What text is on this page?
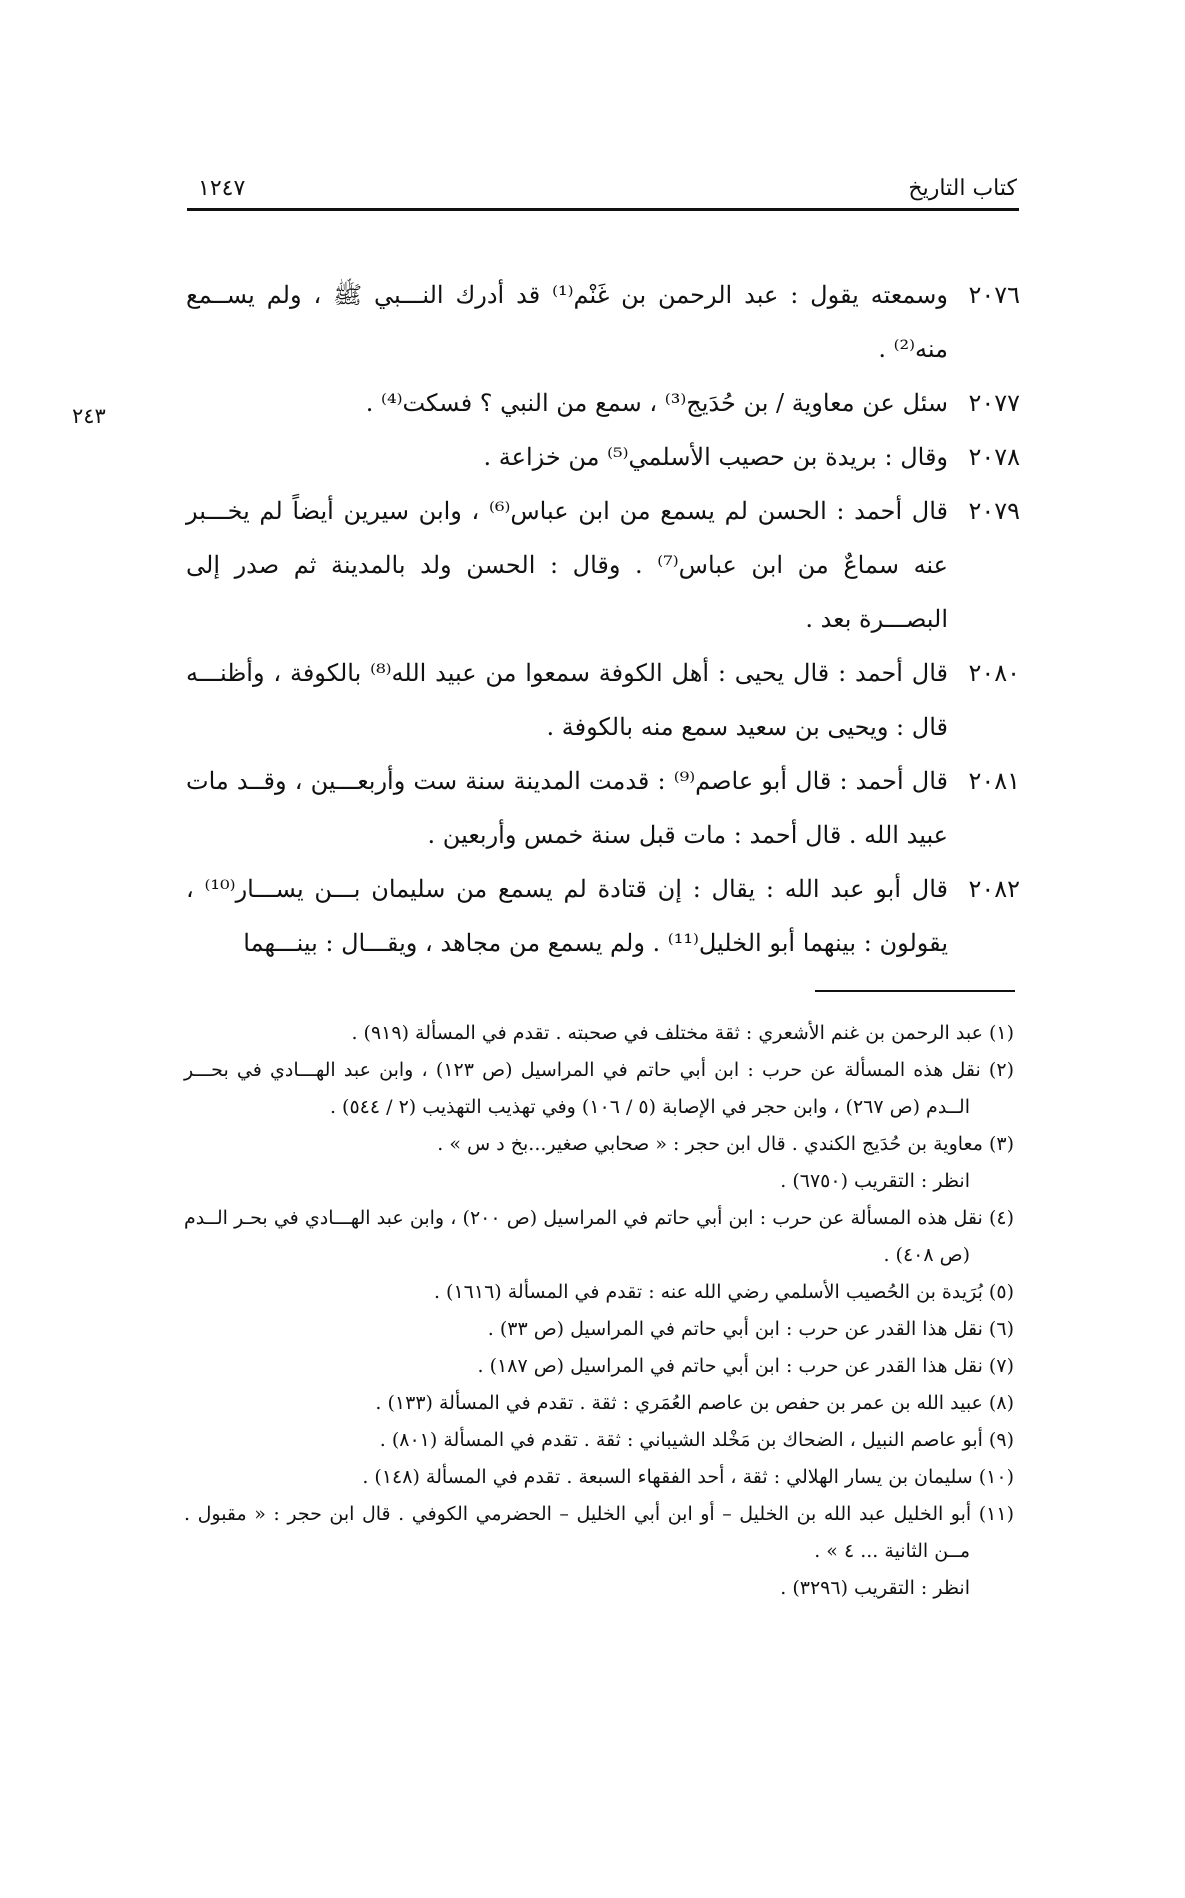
كتاب التاريخ
١٢٤٧
٢٤٣
٢٠٧٦
وسمعته يقول : عبد الرحمن بن غَنْم⁽¹⁾ قد أدرك النـــبي ﷺ ، ولم يســمع منه⁽²⁾ .
٢٠٧٧
سئل عن معاوية / بن حُدَيج⁽³⁾ ، سمع من النبي ؟ فسكت⁽⁴⁾ .
٢٠٧٨
وقال : بريدة بن حصيب الأسلمي⁽⁵⁾ من خزاعة .
٢٠٧٩
قال أحمد : الحسن لم يسمع من ابن عباس⁽⁶⁾ ، وابن سيرين أيضاً لم يخـــبر عنه سماعٌ من ابن عباس⁽⁷⁾ . وقال : الحسن ولد بالمدينة ثم صدر إلى البصـــرة بعد .
٢٠٨٠
قال أحمد : قال يحيى : أهل الكوفة سمعوا من عبيد الله⁽⁸⁾ بالكوفة ، وأظنـــه قال : ويحيى بن سعيد سمع منه بالكوفة .
٢٠٨١
قال أحمد : قال أبو عاصم⁽⁹⁾ : قدمت المدينة سنة ست وأربعـــين ، وقــد مات عبيد الله . قال أحمد : مات قبل سنة خمس وأربعين .
٢٠٨٢
قال أبو عبد الله : يقال : إن قتادة لم يسمع من سليمان بـــن يســـار⁽¹⁰⁾ ، يقولون : بينهما أبو الخليل⁽¹¹⁾ . ولم يسمع من مجاهد ، ويقـــال : بينـــهما
(١) عبد الرحمن بن غنم الأشعري : ثقة مختلف في صحبته . تقدم في المسألة (٩١٩) .
(٢) نقل هذه المسألة عن حرب : ابن أبي حاتم في المراسيل (ص ١٢٣) ، وابن عبد الهـــادي في بحـــر الــدم (ص ٢٦٧) ، وابن حجر في الإصابة (٥ / ١٠٦) وفي تهذيب التهذيب (٢ / ٥٤٤) .
(٣) معاوية بن حُدَيج الكندي . قال ابن حجر : « صحابي صغير...بخ د س » .
انظر : التقريب (٦٧٥٠) .
(٤) نقل هذه المسألة عن حرب : ابن أبي حاتم في المراسيل (ص ٢٠٠) ، وابن عبد الهـــادي في بحـر الــدم (ص ٤٠٨) .
(٥) بُرَيدة بن الحُصيب الأسلمي رضي الله عنه : تقدم في المسألة (١٦١٦) .
(٦) نقل هذا القدر عن حرب : ابن أبي حاتم في المراسيل (ص ٣٣) .
(٧) نقل هذا القدر عن حرب : ابن أبي حاتم في المراسيل (ص ١٨٧) .
(٨) عبيد الله بن عمر بن حفص بن عاصم العُمَري : ثقة . تقدم في المسألة (١٣٣) .
(٩) أبو عاصم النبيل ، الضحاك بن مَخْلد الشيباني : ثقة . تقدم في المسألة (٨٠١) .
(١٠) سليمان بن يسار الهلالي : ثقة ، أحد الفقهاء السبعة . تقدم في المسألة (١٤٨) .
(١١) أبو الخليل عبد الله بن الخليل – أو ابن أبي الخليل – الحضرمي الكوفي . قال ابن حجر : « مقبول . مــن الثانية ... ٤ » .
انظر : التقريب (٣٢٩٦) .
